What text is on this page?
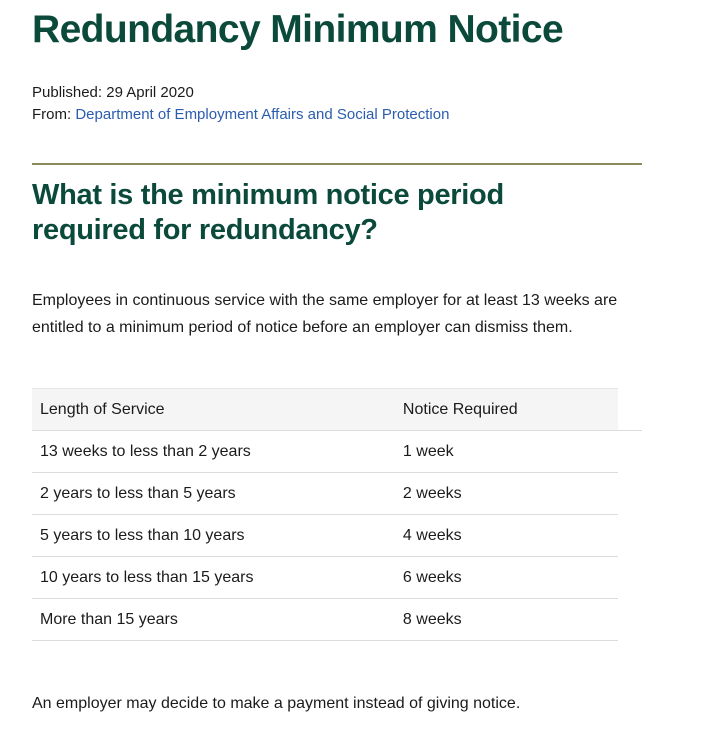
Redundancy Minimum Notice
Published: 29 April 2020
From: Department of Employment Affairs and Social Protection
What is the minimum notice period required for redundancy?

Employees in continuous service with the same employer for at least 13 weeks are entitled to a minimum period of notice before an employer can dismiss them.

Length of Service	Notice Required	
13 weeks to less than 2 years	1 week	
2 years to less than 5 years	2 weeks	
5 years to less than 10 years	4 weeks	
10 years to less than 15 years	6 weeks	
More than 15 years	8 weeks	

An employer may decide to make a payment instead of giving notice.
